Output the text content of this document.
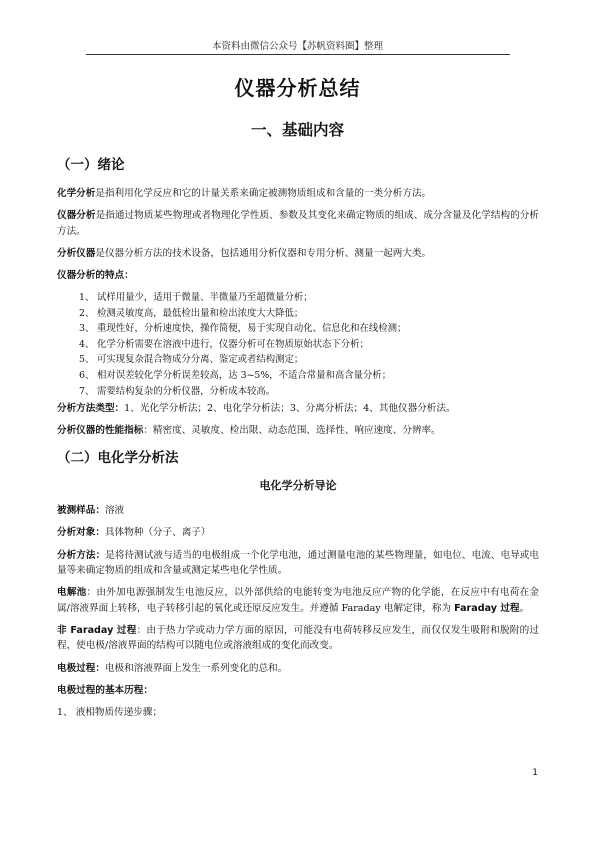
本资料由微信公众号【苏帆资料圈】整理
仪器分析总结
一、基础内容
（一）绪论
化学分析是指利用化学反应和它的计量关系来确定被测物质组成和含量的一类分析方法。
仪器分析是指通过物质某些物理或者物理化学性质、参数及其变化来确定物质的组成、成分含量及化学结构的分析方法。
分析仪器是仪器分析方法的技术设备，包括通用分析仪器和专用分析、测量一起两大类。
仪器分析的特点：
1、 试样用量少，适用于微量、半微量乃至超微量分析；
2、 检测灵敏度高，最低检出量和检出浓度大大降低；
3、 重现性好，分析速度快，操作简便，易于实现自动化、信息化和在线检测；
4、 化学分析需要在溶液中进行，仪器分析可在物质原始状态下分析；
5、 可实现复杂混合物成分分离、鉴定或者结构测定；
6、 相对误差较化学分析误差较高，达 3~5%，不适合常量和高含量分析；
7、 需要结构复杂的分析仪器，分析成本较高。
分析方法类型：1、光化学分析法；2、电化学分析法；3、分离分析法；4、其他仪器分析法。
分析仪器的性能指标：精密度、灵敏度、检出限、动态范围、选择性、响应速度、分辨率。
（二）电化学分析法
电化学分析导论
被测样品：溶液
分析对象：具体物种（分子、离子）
分析方法：是将待测试液与适当的电极组成一个化学电池，通过测量电池的某些物理量，如电位、电流、电导或电量等来确定物质的组成和含量或测定某些电化学性质。
电解池：由外加电源强制发生电池反应，以外部供给的电能转变为电池反应产物的化学能，在反应中有电荷在金属/溶液界面上转移，电子转移引起的氧化或还原反应发生。并遵循 Faraday 电解定律，称为 Faraday 过程。
非 Faraday 过程：由于热力学或动力学方面的原因，可能没有电荷转移反应发生，而仅仅发生吸附和脱附的过程，使电极/溶液界面的结构可以随电位或溶液组成的变化而改变。
电极过程：电极和溶液界面上发生一系列变化的总和。
电极过程的基本历程：
1、 液相物质传递步骤；
1
